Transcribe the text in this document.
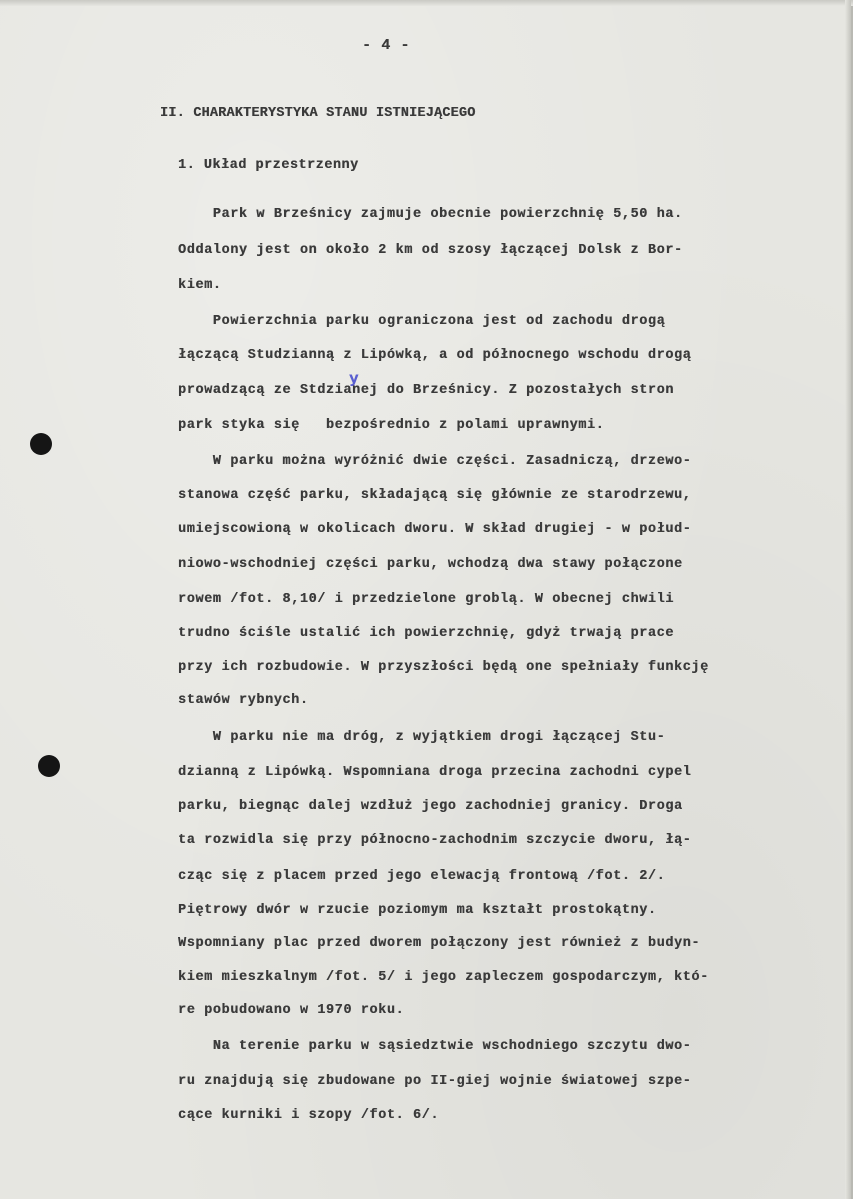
- 4 -

II. CHARAKTERYSTYKA STANU ISTNIEJĄCEGO

1. Układ przestrzenny

y

Park w Brześnicy zajmuje obecnie powierzchnię 5,50 ha.

Oddalony jest on około 2 km od szosy łączącej Dolsk z Bor-

kiem.

Powierzchnia parku ograniczona jest od zachodu drogą

łączącą Studzianną z Lipówką, a od północnego wschodu drogą

prowadzącą ze Stdzianej do Brześnicy. Z pozostałych stron

park styka się   bezpośrednio z polami uprawnymi.

W parku można wyróżnić dwie części. Zasadniczą, drzewo-

stanowa część parku, składającą się głównie ze starodrzewu,

umiejscowioną w okolicach dworu. W skład drugiej - w połud-

niowo-wschodniej części parku, wchodzą dwa stawy połączone

rowem /fot. 8,10/ i przedzielone groblą. W obecnej chwili

trudno ściśle ustalić ich powierzchnię, gdyż trwają prace

przy ich rozbudowie. W przyszłości będą one spełniały funkcję

stawów rybnych.

W parku nie ma dróg, z wyjątkiem drogi łączącej Stu-

dzianną z Lipówką. Wspomniana droga przecina zachodni cypel

parku, biegnąc dalej wzdłuż jego zachodniej granicy. Droga

ta rozwidla się przy północno-zachodnim szczycie dworu, łą-

cząc się z placem przed jego elewacją frontową /fot. 2/.

Piętrowy dwór w rzucie poziomym ma kształt prostokątny.

Wspomniany plac przed dworem połączony jest również z budyn-

kiem mieszkalnym /fot. 5/ i jego zapleczem gospodarczym, któ-

re pobudowano w 1970 roku.

Na terenie parku w sąsiedztwie wschodniego szczytu dwo-

ru znajdują się zbudowane po II-giej wojnie światowej szpe-

cące kurniki i szopy /fot. 6/.
